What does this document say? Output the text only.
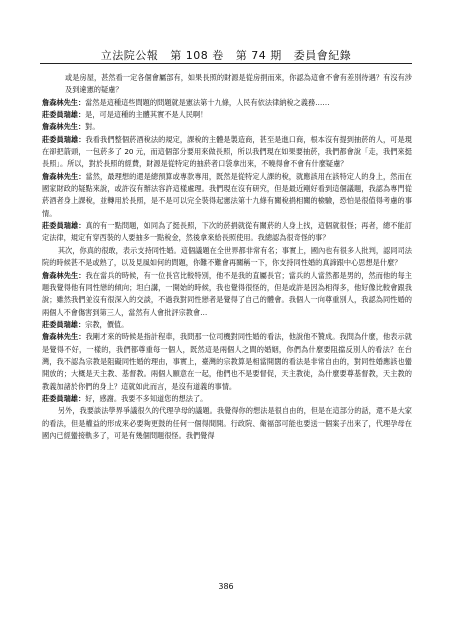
立法院公報 第 108 卷 第 74 期 委員會紀錄

或是房屋，甚然看一定各個會屬部有，如果長照的財源是從房捐而來，你認為這會不會有差別待遇？有沒有涉及到違憲的疑慮？

詹森林先生：當然是這種這些問題的問題就是憲法第十九條，人民有依法律納稅之義務……

莊委員瑞雄：是，可是這種的主體其實不是人民啊！

詹森林先生：對。

莊委員瑞雄：我看我們整個菸酒稅法的規定，課稅的主體是製造商，甚至是進口商，根本沒有提到抽菸的人，可是現在卻把箭頭，一包菸多了 20 元，而這個部分要用來做長照，所以我們現在如果要抽菸，我們都會說「走，我們來挺長照」。所以，對於長照的經費，財源是從特定的抽菸者口袋拿出來，不曉得會不會有什麼疑慮？

詹森林先生：當然，最理想的還是總預算或專款專用，既然是從特定人課的稅，就應該用在該特定人的身上，然而在國家財政的疑點來說，或許沒有辦法容許這樣處理。我們現在沒有研究，但是最近剛好看到這個議題，我認為專門從菸酒者身上課稅，並轉用於長照，是不是可以完全裝得起憲法第十九條有關稅捐相關的檢驗，恐怕是很值得考慮的事情。

莊委員瑞雄：真的有一點問題，如同為了挺長照，下次的菸捐就從有關菸的人身上找，這個就很怪；再者，總不能訂定法律，規定有穿西裝的人要抽多一點稅金，然後拿來給長照使用。我總認為很奇怪的事？

其次，你真的很敢，表示支持同性婚。這個議題在全世界都非常有名；事實上，國內也有很多人批判，認同司法院的時候甚不是或熟了，以及見風如何的問題，你難不難會再關稱一下，你支持同性婚的真諦跟中心思想是什麼？

詹森林先生：我在當兵的時候，有一位長官比較特別，他不是我的直屬長官；當兵的人當然都是男的，然而他的每主題我覺得他有同性戀的傾向；坦白講，一開始的時候，我也覺得很怪的，但是或許是因為相得多，他好像比較會跟我說；雖然我們並沒有很深入的交談，不過我對同性戀者是覺得了自己的體會。我個人一向尊重別人，我認為同性婚的兩個人不會傷害到第三人，當然有人會批評宗教會…

莊委員瑞雄：宗教，價值。

詹森林先生：我剛才來的時候是指計程車，我問那一位司機對同性婚的看法，他說他不贊成。我問為什麼，他表示就是覺得不好，一樣的，我們都尊重每一個人，既然這是兩個人之間的婚姻，你們為什麼要阻擋反別人的看法？在台灣，我不認為宗教是阻礙同性婚的理由，事實上，臺灣的宗教算是相當開闊的看法是非常自由的，對同性婚應該也蠻開放的；大概是天主教、基督教。兩個人願意在一起，他們也不是要督促，天主教徒，為什麼要尊基督教，天主教的教義加諸於你們的身上？這就如此而言，是沒有道義的事情。

莊委員瑞雄：好，感謝。我要不多知道您的想法了。

另外，我要談法學界爭議很久的代理孕母的議題。我覺得你的想法是很自由的，但是在這部分的話，還不是大家的看法，但是權益的形成來必要夠更鼓的任何一個得間開。行政院、衛福部可能也要送一個案子出來了，代理孕母在國內已經蠻接軌多了，可是有幾個問題很怪。我們覺得

386
